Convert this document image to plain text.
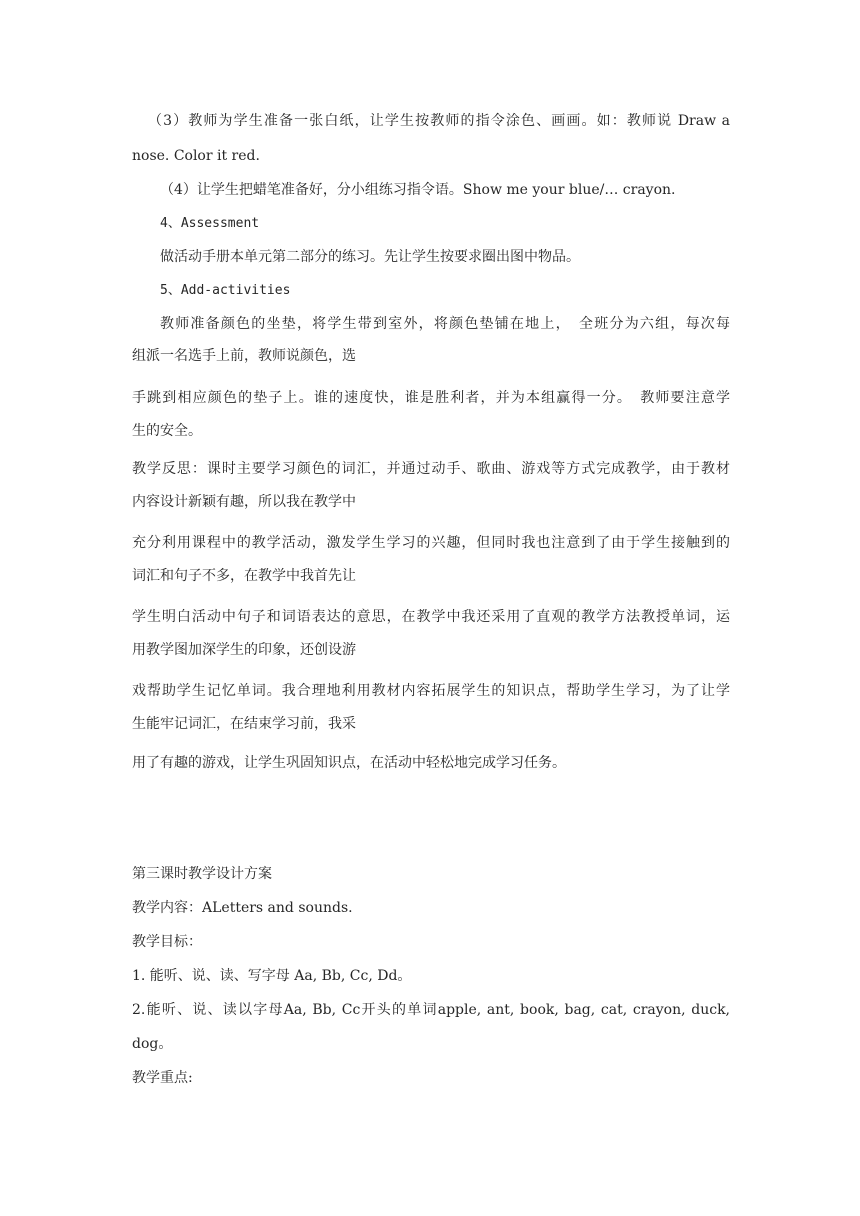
（3）教师为学生准备一张白纸，让学生按教师的指令涂色、画画。如：教师说 Draw a
nose. Color it red.
（4）让学生把蜡笔准备好，分小组练习指令语。Show me your blue/… crayon.
4、Assessment
做活动手册本单元第二部分的练习。先让学生按要求圈出图中物品。
5、Add-activities
教师准备颜色的坐垫，将学生带到室外，将颜色垫铺在地上，　全班分为六组，每次每
组派一名选手上前，教师说颜色，选
手跳到相应颜色的垫子上。谁的速度快，谁是胜利者，并为本组赢得一分。　教师要注意学
生的安全。
教学反思：课时主要学习颜色的词汇，并通过动手、歌曲、游戏等方式完成教学，由于教材
内容设计新颖有趣，所以我在教学中
充分利用课程中的教学活动，激发学生学习的兴趣，但同时我也注意到了由于学生接触到的
词汇和句子不多，在教学中我首先让
学生明白活动中句子和词语表达的意思，在教学中我还采用了直观的教学方法教授单词，运
用教学图加深学生的印象，还创设游
戏帮助学生记忆单词。我合理地利用教材内容拓展学生的知识点，帮助学生学习，为了让学
生能牢记词汇，在结束学习前，我采
用了有趣的游戏，让学生巩固知识点，在活动中轻松地完成学习任务。
第三课时教学设计方案
教学内容：ALetters and sounds.
教学目标：
1. 能听、说、读、写字母 Aa, Bb, Cc, Dd。
2.能听、说、读以字母Aa, Bb, Cc开头的单词apple, ant, book, bag, cat, crayon, duck,
dog。
教学重点:
